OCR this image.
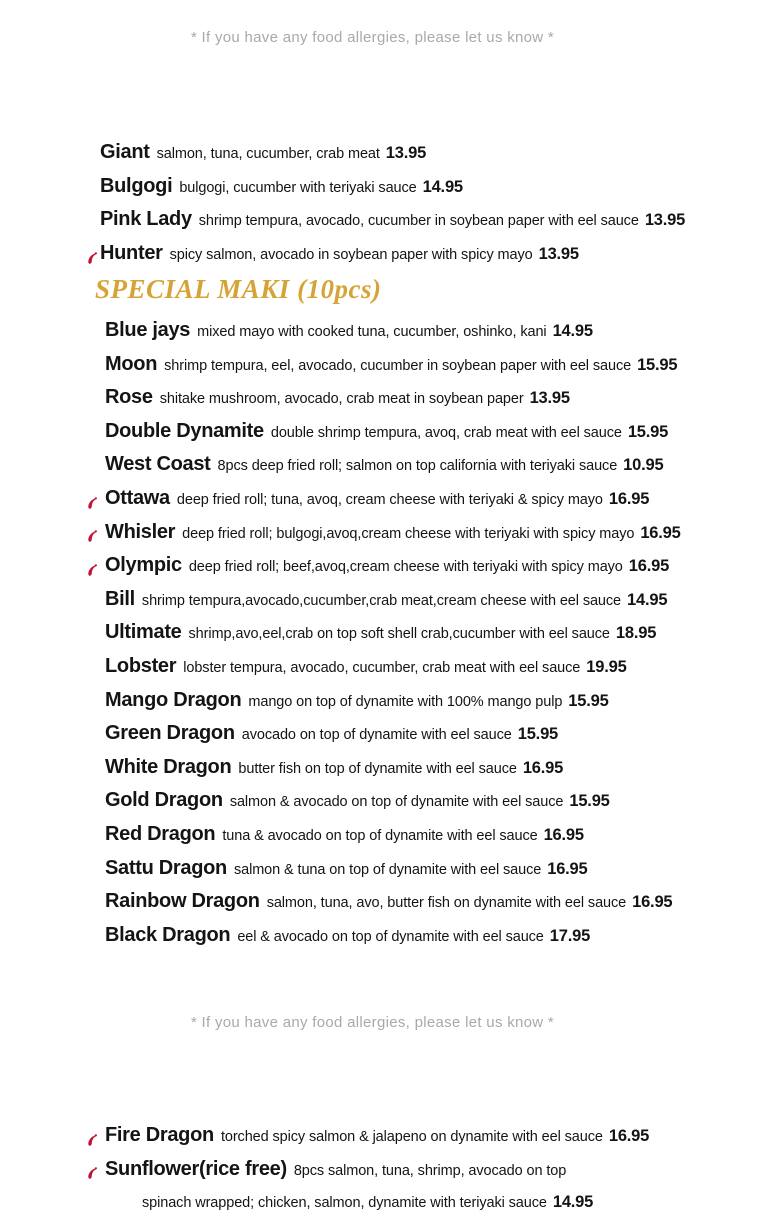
* If you have any food allergies, please let us know *
Giant salmon, tuna, cucumber, crab meat 13.95
Bulgogi bulgogi, cucumber with teriyaki sauce 14.95
Pink Lady shrimp tempura, avocado, cucumber in soybean paper with eel sauce 13.95
Hunter spicy salmon, avocado in soybean paper with spicy mayo 13.95
SPECIAL MAKI (10pcs)
Blue jays mixed mayo with cooked tuna, cucumber, oshinko, kani 14.95
Moon shrimp tempura, eel, avocado, cucumber in soybean paper with eel sauce 15.95
Rose shitake mushroom, avocado, crab meat in soybean paper 13.95
Double Dynamite double shrimp tempura, avoq, crab meat with eel sauce 15.95
West Coast 8pcs deep fried roll; salmon on top california with teriyaki sauce 10.95
Ottawa deep fried roll; tuna, avoq, cream cheese with teriyaki & spicy mayo 16.95
Whisler deep fried roll; bulgogi,avoq,cream cheese with teriyaki with spicy mayo 16.95
Olympic deep fried roll; beef,avoq,cream cheese with teriyaki with spicy mayo 16.95
Bill shrimp tempura,avocado,cucumber,crab meat,cream cheese with eel sauce 14.95
Ultimate shrimp,avo,eel,crab on top soft shell crab,cucumber with eel sauce 18.95
Lobster lobster tempura, avocado, cucumber, crab meat with eel sauce 19.95
Mango Dragon mango on top of dynamite with 100% mango pulp 15.95
Green Dragon avocado on top of dynamite with eel sauce 15.95
White Dragon butter fish on top of dynamite with eel sauce 16.95
Gold Dragon salmon & avocado on top of dynamite with eel sauce 15.95
Red Dragon tuna & avocado on top of dynamite with eel sauce 16.95
Sattu Dragon salmon & tuna on top of dynamite with eel sauce 16.95
Rainbow Dragon salmon, tuna, avo, butter fish on dynamite with eel sauce 16.95
Black Dragon eel & avocado on top of dynamite with eel sauce 17.95
* If you have any food allergies, please let us know *
Fire Dragon torched spicy salmon & jalapeno on dynamite with eel sauce 16.95
Sunflower(rice free) 8pcs salmon, tuna, shrimp, avocado on top
spinach wrapped; chicken, salmon, dynamite with teriyaki sauce 14.95
